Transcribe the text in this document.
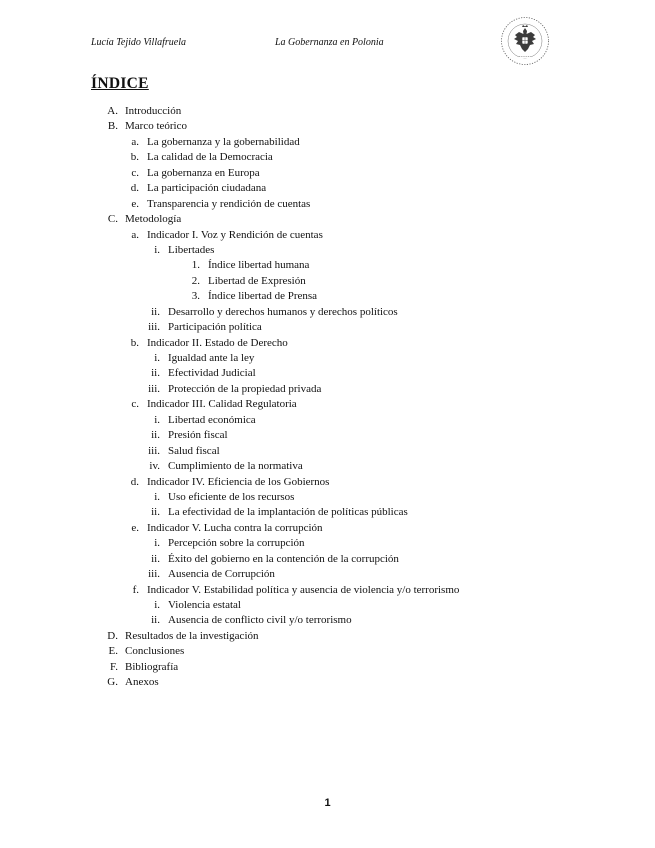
Lucía Tejido Villafruela	La Gobernanza en Polonia
ÍNDICE
A. Introducción
B. Marco teórico
a. La gobernanza y la gobernabilidad
b. La calidad de la Democracia
c. La gobernanza en Europa
d. La participación ciudadana
e. Transparencia y rendición de cuentas
C. Metodología
a. Indicador I. Voz y Rendición de cuentas
i. Libertades
1. Índice libertad humana
2. Libertad de Expresión
3. Índice libertad de Prensa
ii. Desarrollo y derechos humanos y derechos políticos
iii. Participación política
b. Indicador II. Estado de Derecho
i. Igualdad ante la ley
ii. Efectividad Judicial
iii. Protección de la propiedad privada
c. Indicador III. Calidad Regulatoria
i. Libertad económica
ii. Presión fiscal
iii. Salud fiscal
iv. Cumplimiento de la normativa
d. Indicador IV. Eficiencia de los Gobiernos
i. Uso eficiente de los recursos
ii. La efectividad de la implantación de políticas públicas
e. Indicador V. Lucha contra la corrupción
i. Percepción sobre la corrupción
ii. Éxito del gobierno en la contención de la corrupción
iii. Ausencia de Corrupción
f. Indicador V. Estabilidad política y ausencia de violencia y/o terrorismo
i. Violencia estatal
ii. Ausencia de conflicto civil y/o terrorismo
D. Resultados de la investigación
E. Conclusiones
F. Bibliografía
G. Anexos
1
